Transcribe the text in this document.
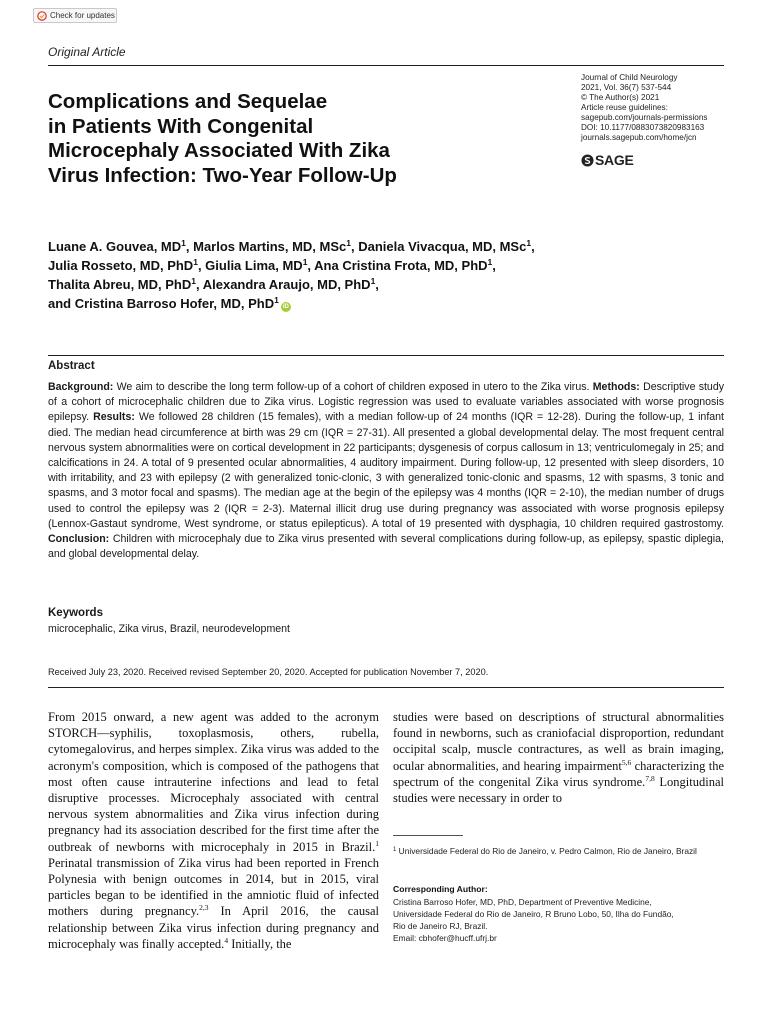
Check for updates
Original Article
Journal of Child Neurology
2021, Vol. 36(7) 537-544
© The Author(s) 2021
Article reuse guidelines:
sagepub.com/journals-permissions
DOI: 10.1177/0883073820983163
journals.sagepub.com/home/jcn
SAGE
Complications and Sequelae
in Patients With Congenital
Microcephaly Associated With Zika
Virus Infection: Two-Year Follow-Up
Luane A. Gouvea, $MD^1$, Marlos Martins, MD, MSc$^1$, Daniela Vivacqua, MD, MSc$^1$,
Julia Rosseto, MD, PhD$^1$, Giulia Lima, $MD^1$, Ana Cristina Frota, MD, PhD$^1$,
Thalita Abreu, MD, PhD$^1$, Alexandra Araujo, MD, PhD$^1$,
and Cristina Barroso Hofer, MD, PhD$^1$iD
Abstract
Background: We aim to describe the long term follow-up of a cohort of children exposed in utero to the Zika virus. Methods: Descriptive study of a cohort of microcephalic children due to Zika virus. Logistic regression was used to evaluate variables associated with worse prognosis epilepsy. Results: We followed 28 children (15 females), with a median follow-up of 24 months (IQR = 12-28). During the follow-up, 1 infant died. The median head circumference at birth was 29 cm (IQR = 27-31). All presented a global developmental delay. The most frequent central nervous system abnormalities were on cortical development in 22 participants; dysgenesis of corpus callosum in 13; ventriculomegaly in 25; and calcifications in 24. A total of 9 presented ocular abnormalities, 4 auditory impairment. During follow-up, 12 presented with sleep disorders, 10 with irritability, and 23 with epilepsy (2 with generalized tonic-clonic, 3 with generalized tonic-clonic and spasms, 12 with spasms, 3 tonic and spasms, and 3 motor focal and spasms). The median age at the begin of the epilepsy was 4 months (IQR = 2-10), the median number of drugs used to control the epilepsy was 2 (IQR = 2-3). Maternal illicit drug use during pregnancy was associated with worse prognosis epilepsy (Lennox-Gastaut syndrome, West syndrome, or status epilepticus). A total of 19 presented with dysphagia, 10 children required gastrostomy. Conclusion: Children with microcephaly due to Zika virus presented with several complications during follow-up, as epilepsy, spastic diplegia, and global developmental delay.
Keywords
microcephalic, Zika virus, Brazil, neurodevelopment
Received July 23, 2020. Received revised September 20, 2020. Accepted for publication November 7, 2020.
From 2015 onward, a new agent was added to the acronym STORCH—syphilis, toxoplasmosis, others, rubella, cytomegalovirus, and herpes simplex. Zika virus was added to the acronym's composition, which is composed of the pathogens that most often cause intrauterine infections and lead to fetal disruptive processes. Microcephaly associated with central nervous system abnormalities and Zika virus infection during pregnancy had its association described for the first time after the outbreak of newborns with microcephaly in 2015 in Brazil.$^1$ Perinatal transmission of Zika virus had been reported in French Polynesia with benign outcomes in 2014, but in 2015, viral particles began to be identified in the amniotic fluid of infected mothers during pregnancy.$^{2,3}$ In April 2016, the causal relationship between Zika virus infection during pregnancy and microcephaly was finally accepted.$^4$ Initially, the
studies were based on descriptions of structural abnormalities found in newborns, such as craniofacial disproportion, redundant occipital scalp, muscle contractures, as well as brain imaging, ocular abnormalities, and hearing impairment$^{5,6}$ characterizing the spectrum of the congenital Zika virus syndrome.$^{7,8}$ Longitudinal studies were necessary in order to
$^1$ Universidade Federal do Rio de Janeiro, v. Pedro Calmon, Rio de Janeiro, Brazil
Corresponding Author:
Cristina Barroso Hofer, MD, PhD, Department of Preventive Medicine,
Universidade Federal do Rio de Janeiro, R Bruno Lobo, 50, Ilha do Fundão,
Rio de Janeiro RJ, Brazil.
Email: cbhofer@hucff.ufrj.br
